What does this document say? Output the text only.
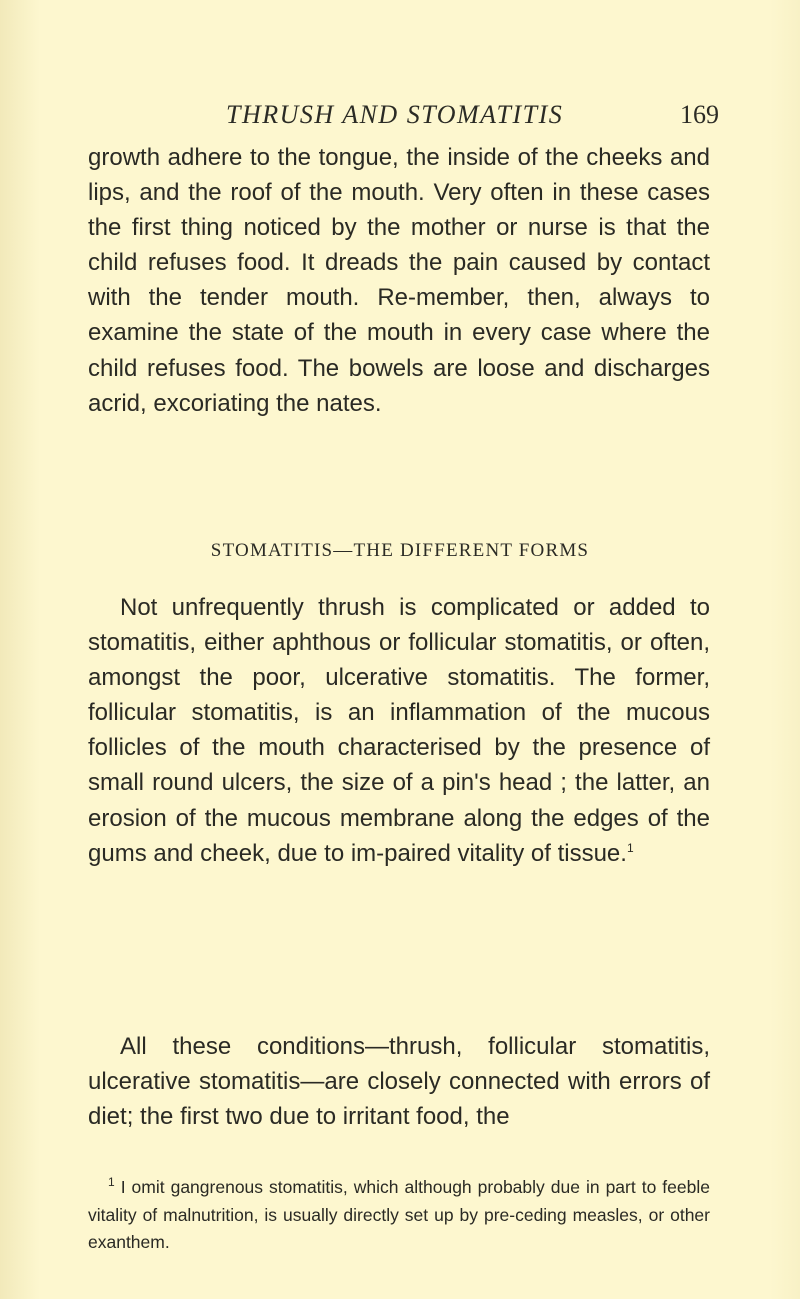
THRUSH AND STOMATITIS	169

growth adhere to the tongue, the inside of the cheeks and lips, and the roof of the mouth. Very often in these cases the first thing noticed by the mother or nurse is that the child refuses food. It dreads the pain caused by contact with the tender mouth. Re-member, then, always to examine the state of the mouth in every case where the child refuses food. The bowels are loose and discharges acrid, excoriating the nates.

STOMATITIS—THE DIFFERENT FORMS

Not unfrequently thrush is complicated or added to stomatitis, either aphthous or follicular stomatitis, or often, amongst the poor, ulcerative stomatitis. The former, follicular stomatitis, is an inflammation of the mucous follicles of the mouth characterised by the presence of small round ulcers, the size of a pin's head ; the latter, an erosion of the mucous membrane along the edges of the gums and cheek, due to im-paired vitality of tissue.$^1$

All these conditions—thrush, follicular stomatitis, ulcerative stomatitis—are closely connected with errors of diet; the first two due to irritant food, the

$^1$ I omit gangrenous stomatitis, which although probably due in part to feeble vitality of malnutrition, is usually directly set up by pre-ceding measles, or other exanthem.
